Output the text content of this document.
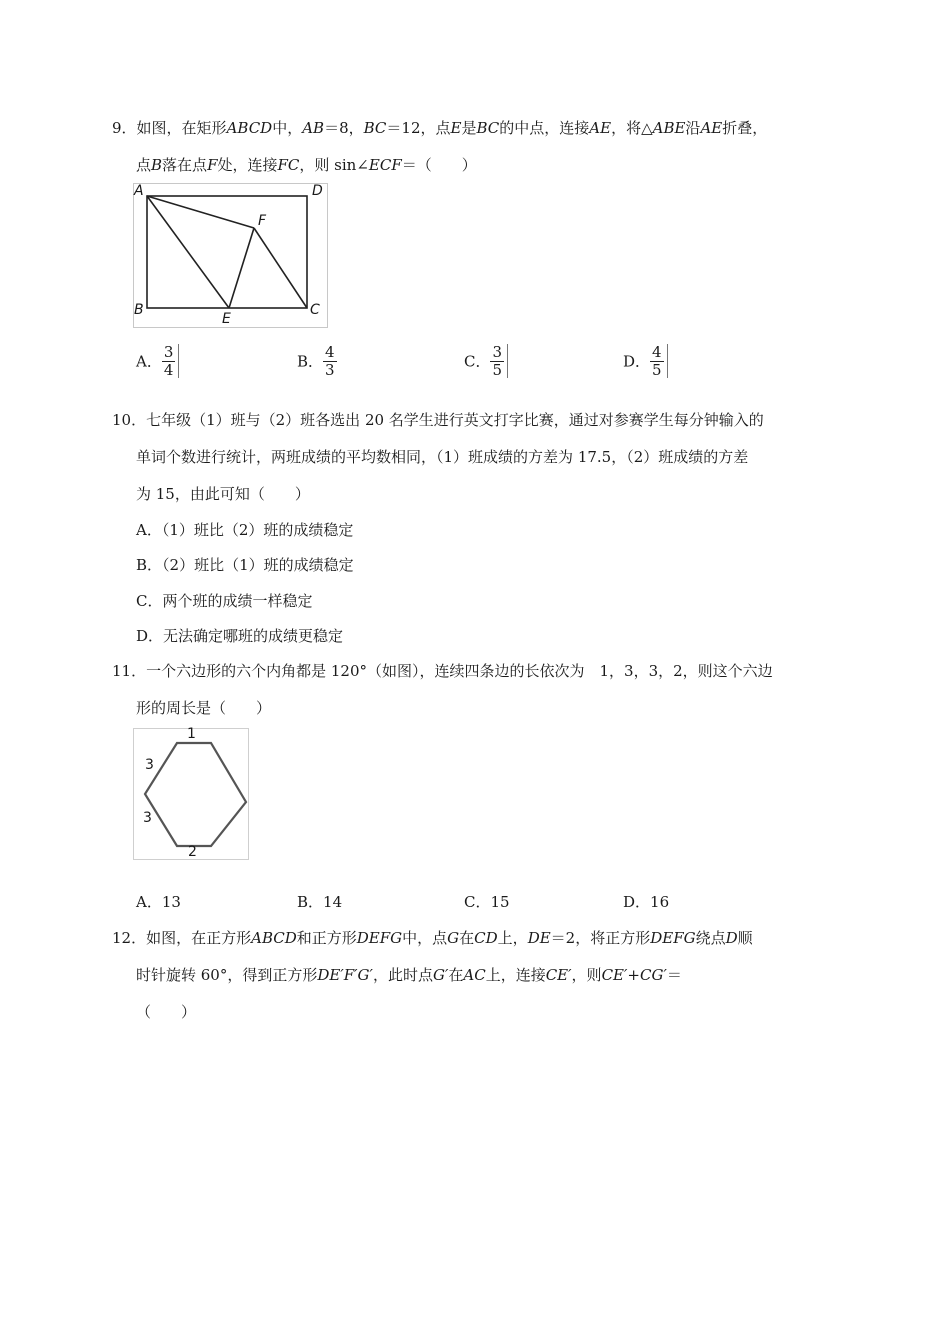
9．如图，在矩形ABCD中，AB＝8，BC＝12，点E是BC的中点，连接AE，将△ABE沿AE折叠，
点B落在点F处，连接FC，则 sin∠ECF＝（　　）
A	D
F
B
E
C
A． $\frac{3}{4}$	B． $\frac{4}{3}$	C． $\frac{3}{5}$	D． $\frac{4}{5}$
10．七年级（1）班与（2）班各选出 20 名学生进行英文打字比赛，通过对参赛学生每分钟输入的
单词个数进行统计，两班成绩的平均数相同，（1）班成绩的方差为 17.5，（2）班成绩的方差
为 15，由此可知（　　）
A．（1）班比（2）班的成绩稳定
B．（2）班比（1）班的成绩稳定
C．两个班的成绩一样稳定
D．无法确定哪班的成绩更稳定
11．一个六边形的六个内角都是 120°（如图），连续四条边的长依次为　1，3，3，2，则这个六边
形的周长是（　　）
1
3
3
2
A．13	B．14	C．15	D．16
12．如图，在正方形ABCD和正方形DEFG中，点G在CD上，DE＝2，将正方形DEFG绕点D顺
时针旋转 60°，得到正方形DE′F′G′，此时点G′在AC上，连接CE′，则CE′+CG′＝
（　　）
